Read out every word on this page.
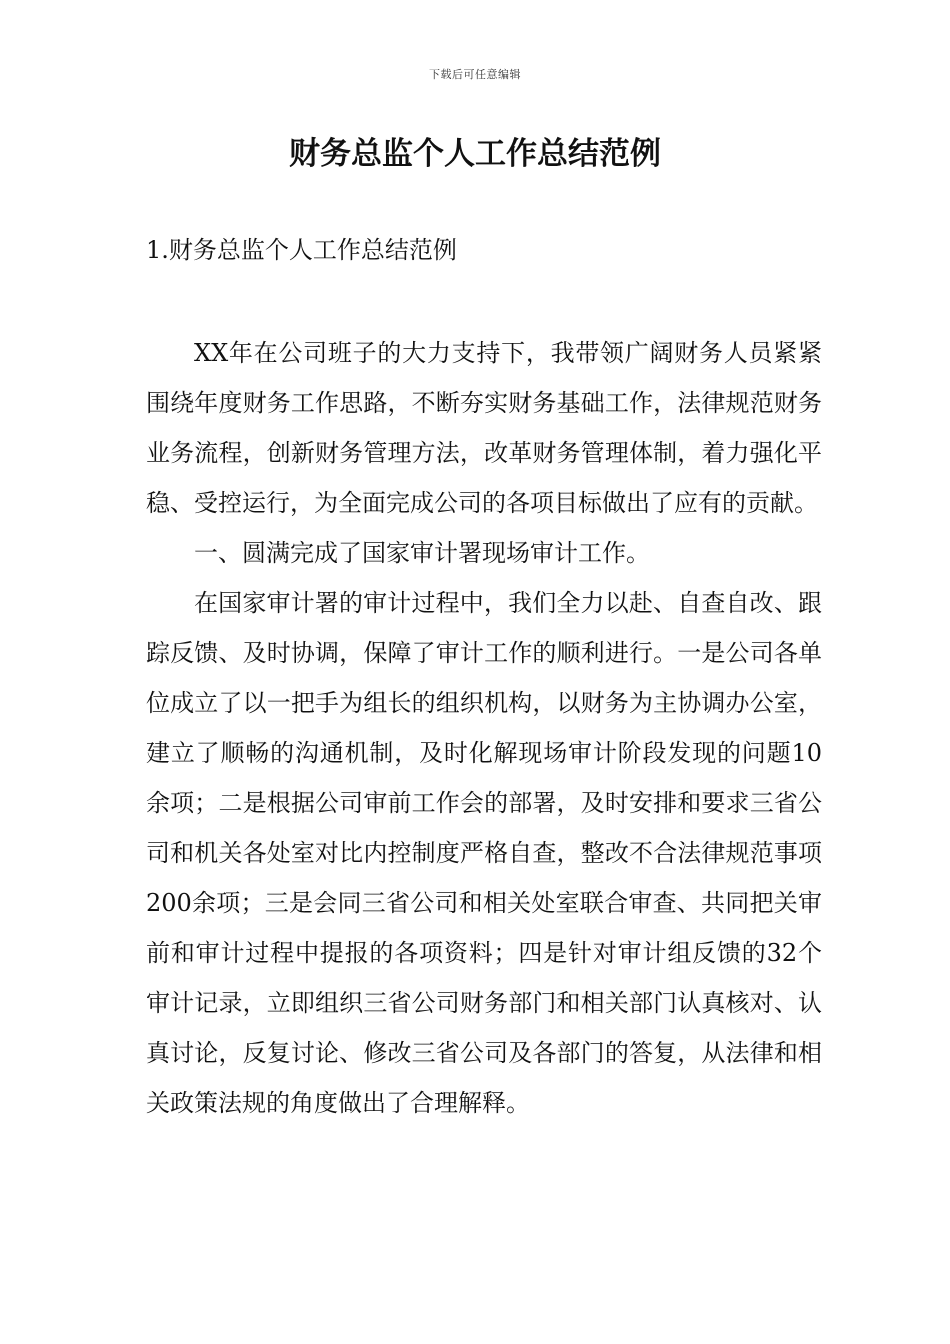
下载后可任意编辑
财务总监个人工作总结范例
1.财务总监个人工作总结范例

XX年在公司班子的大力支持下，我带领广阔财务人员紧紧围绕年度财务工作思路，不断夯实财务基础工作，法律规范财务业务流程，创新财务管理方法，改革财务管理体制，着力强化平稳、受控运行，为全面完成公司的各项目标做出了应有的贡献。

一、圆满完成了国家审计署现场审计工作。

在国家审计署的审计过程中，我们全力以赴、自查自改、跟踪反馈、及时协调，保障了审计工作的顺利进行。一是公司各单位成立了以一把手为组长的组织机构，以财务为主协调办公室，建立了顺畅的沟通机制，及时化解现场审计阶段发现的问题10余项；二是根据公司审前工作会的部署，及时安排和要求三省公司和机关各处室对比内控制度严格自查，整改不合法律规范事项200余项；三是会同三省公司和相关处室联合审查、共同把关审前和审计过程中提报的各项资料；四是针对审计组反馈的32个审计记录，立即组织三省公司财务部门和相关部门认真核对、认真讨论，反复讨论、修改三省公司及各部门的答复，从法律和相关政策法规的角度做出了合理解释。
